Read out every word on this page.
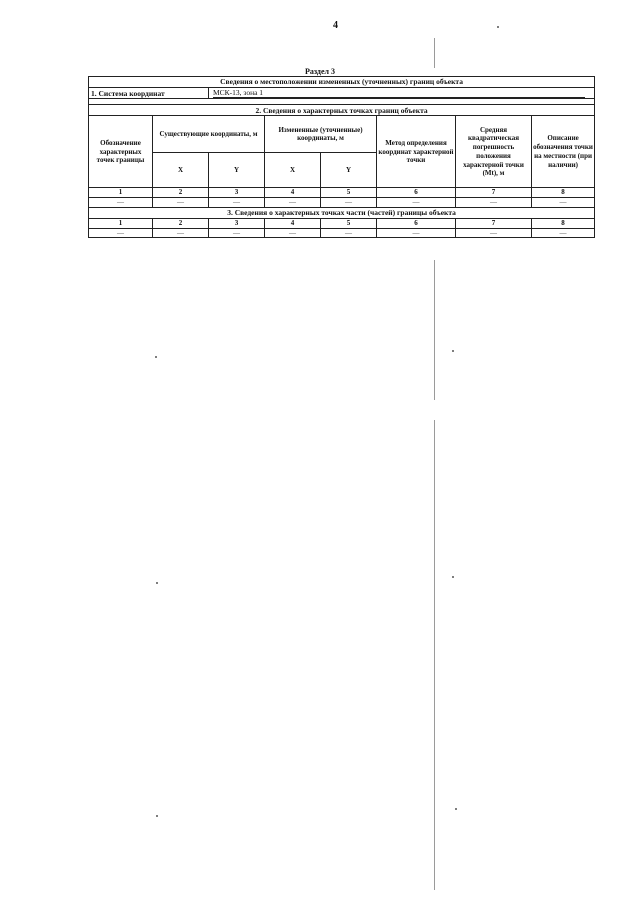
4
Раздел 3
Сведения о местоположении измененных (уточненных) границ объекта							
1. Система координат		МСК-13, зона 1					

2. Сведения о характерных точках границ объекта							
Обозначение характерных точек границы	Существующие координаты, м		Измененные (уточненные) координаты, м		Метод определения координат характерной точки	Средняя квадратическая погрешность положения характерной точки (Mt), м	Описание обозначения точки на местности (при наличии)
	X	Y	X	Y			
1	2	3	4	5	6	7	8
—	—	—	—	—	—	—	—
3. Сведения о характерных точках части (частей) границы объекта							
1	2	3	4	5	6	7	8
—	—	—	—	—	—	—	—
